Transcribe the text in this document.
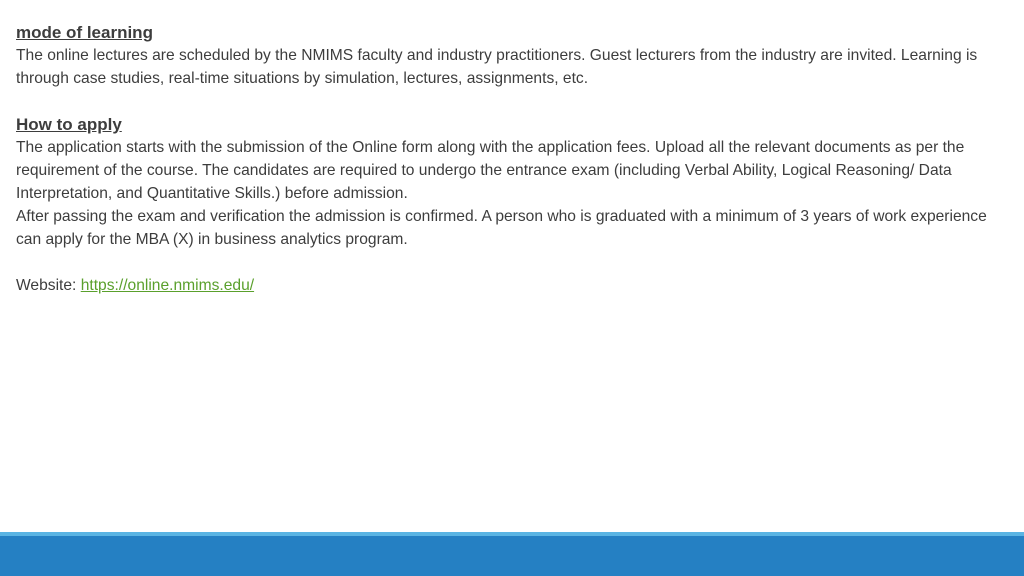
mode of learning

The online lectures are scheduled by the NMIMS faculty and industry practitioners. Guest lecturers from the industry are invited. Learning is through case studies, real-time situations by simulation, lectures, assignments, etc.

How to apply

The application starts with the submission of the Online form along with the application fees. Upload all the relevant documents as per the requirement of the course. The candidates are required to undergo the entrance exam (including Verbal Ability, Logical Reasoning/ Data Interpretation, and Quantitative Skills.) before admission.

After passing the exam and verification the admission is confirmed. A person who is graduated with a minimum of 3 years of work experience can apply for the MBA (X) in business analytics program.

Website: https://online.nmims.edu/
